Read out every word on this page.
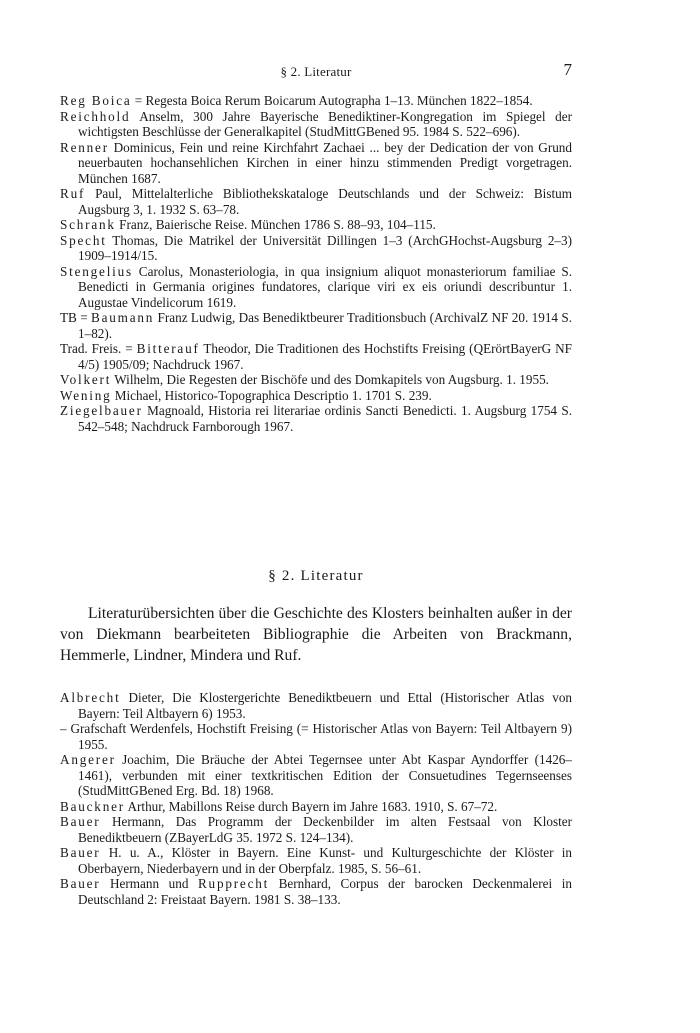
§ 2. Literatur	7

Reg Boica = Regesta Boica Rerum Boicarum Autographa 1–13. München 1822–1854.

Reichhold Anselm, 300 Jahre Bayerische Benediktiner-Kongregation im Spiegel der wichtigsten Beschlüsse der Generalkapitel (StudMittGBened 95. 1984 S. 522–696).

Renner Dominicus, Fein und reine Kirchfahrt Zachaei ... bey der Dedication der von Grund neuerbauten hochansehlichen Kirchen in einer hinzu stimmenden Predigt vorgetragen. München 1687.

Ruf Paul, Mittelalterliche Bibliothekskataloge Deutschlands und der Schweiz: Bistum Augsburg 3, 1. 1932 S. 63–78.

Schrank Franz, Baierische Reise. München 1786 S. 88–93, 104–115.

Specht Thomas, Die Matrikel der Universität Dillingen 1–3 (ArchGHochst-Augsburg 2–3) 1909–1914/15.

Stengelius Carolus, Monasteriologia, in qua insignium aliquot monasteriorum familiae S. Benedicti in Germania origines fundatores, clarique viri ex eis oriundi describuntur 1. Augustae Vindelicorum 1619.

TB = Baumann Franz Ludwig, Das Benediktbeurer Traditionsbuch (ArchivalZ NF 20. 1914 S. 1–82).

Trad. Freis. = Bitterauf Theodor, Die Traditionen des Hochstifts Freising (QErörtBayerG NF 4/5) 1905/09; Nachdruck 1967.

Volkert Wilhelm, Die Regesten der Bischöfe und des Domkapitels von Augsburg. 1. 1955.

Wening Michael, Historico-Topographica Descriptio 1. 1701 S. 239.

Ziegelbauer Magnoald, Historia rei literariae ordinis Sancti Benedicti. 1. Augsburg 1754 S. 542–548; Nachdruck Farnborough 1967.

§ 2. Literatur

Literaturübersichten über die Geschichte des Klosters beinhalten außer in der von Diekmann bearbeiteten Bibliographie die Arbeiten von Brackmann, Hemmerle, Lindner, Mindera und Ruf.

Albrecht Dieter, Die Klostergerichte Benediktbeuern und Ettal (Historischer Atlas von Bayern: Teil Altbayern 6) 1953.

– Grafschaft Werdenfels, Hochstift Freising (= Historischer Atlas von Bayern: Teil Altbayern 9) 1955.

Angerer Joachim, Die Bräuche der Abtei Tegernsee unter Abt Kaspar Ayndorffer (1426–1461), verbunden mit einer textkritischen Edition der Consuetudines Tegernseenses (StudMittGBened Erg. Bd. 18) 1968.

Bauckner Arthur, Mabillons Reise durch Bayern im Jahre 1683. 1910, S. 67–72.

Bauer Hermann, Das Programm der Deckenbilder im alten Festsaal von Kloster Benediktbeuern (ZBayerLdG 35. 1972 S. 124–134).

Bauer H. u. A., Klöster in Bayern. Eine Kunst- und Kulturgeschichte der Klöster in Oberbayern, Niederbayern und in der Oberpfalz. 1985, S. 56–61.

Bauer Hermann und Rupprecht Bernhard, Corpus der barocken Deckenmalerei in Deutschland 2: Freistaat Bayern. 1981 S. 38–133.
